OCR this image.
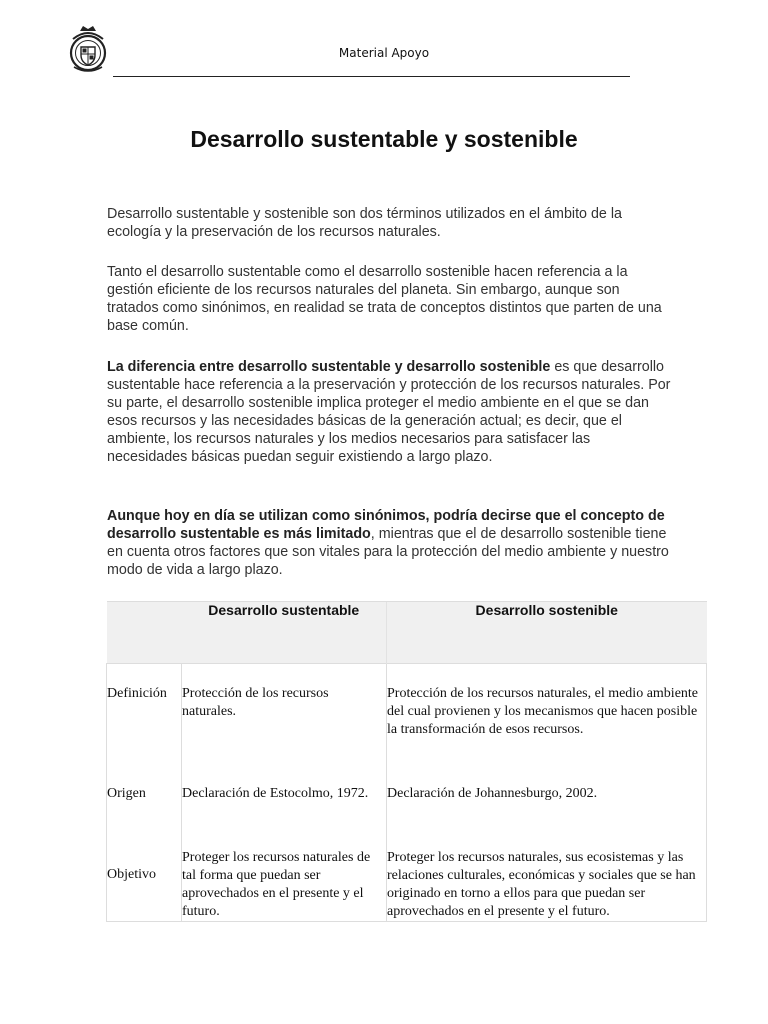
Material Apoyo
Desarrollo sustentable y sostenible

Desarrollo sustentable y sostenible son dos términos utilizados en el ámbito de la ecología y la preservación de los recursos naturales.

Tanto el desarrollo sustentable como el desarrollo sostenible hacen referencia a la gestión eficiente de los recursos naturales del planeta. Sin embargo, aunque son tratados como sinónimos, en realidad se trata de conceptos distintos que parten de una base común.

La diferencia entre desarrollo sustentable y desarrollo sostenible es que desarrollo sustentable hace referencia a la preservación y protección de los recursos naturales. Por su parte, el desarrollo sostenible implica proteger el medio ambiente en el que se dan esos recursos y las necesidades básicas de la generación actual; es decir, que el ambiente, los recursos naturales y los medios necesarios para satisfacer las necesidades básicas puedan seguir existiendo a largo plazo.

Aunque hoy en día se utilizan como sinónimos, podría decirse que el concepto de desarrollo sustentable es más limitado, mientras que el de desarrollo sostenible tiene en cuenta otros factores que son vitales para la protección del medio ambiente y nuestro modo de vida a largo plazo.

	Desarrollo sustentable	Desarrollo sostenible
Definición	Protección de los recursos naturales.	Protección de los recursos naturales, el medio ambiente del cual provienen y los mecanismos que hacen posible la transformación de esos recursos.
Origen	Declaración de Estocolmo, 1972.	Declaración de Johannesburgo, 2002.
Objetivo	Proteger los recursos naturales de tal forma que puedan ser aprovechados en el presente y el futuro.	Proteger los recursos naturales, sus ecosistemas y las relaciones culturales, económicas y sociales que se han originado en torno a ellos para que puedan ser aprovechados en el presente y el futuro.
